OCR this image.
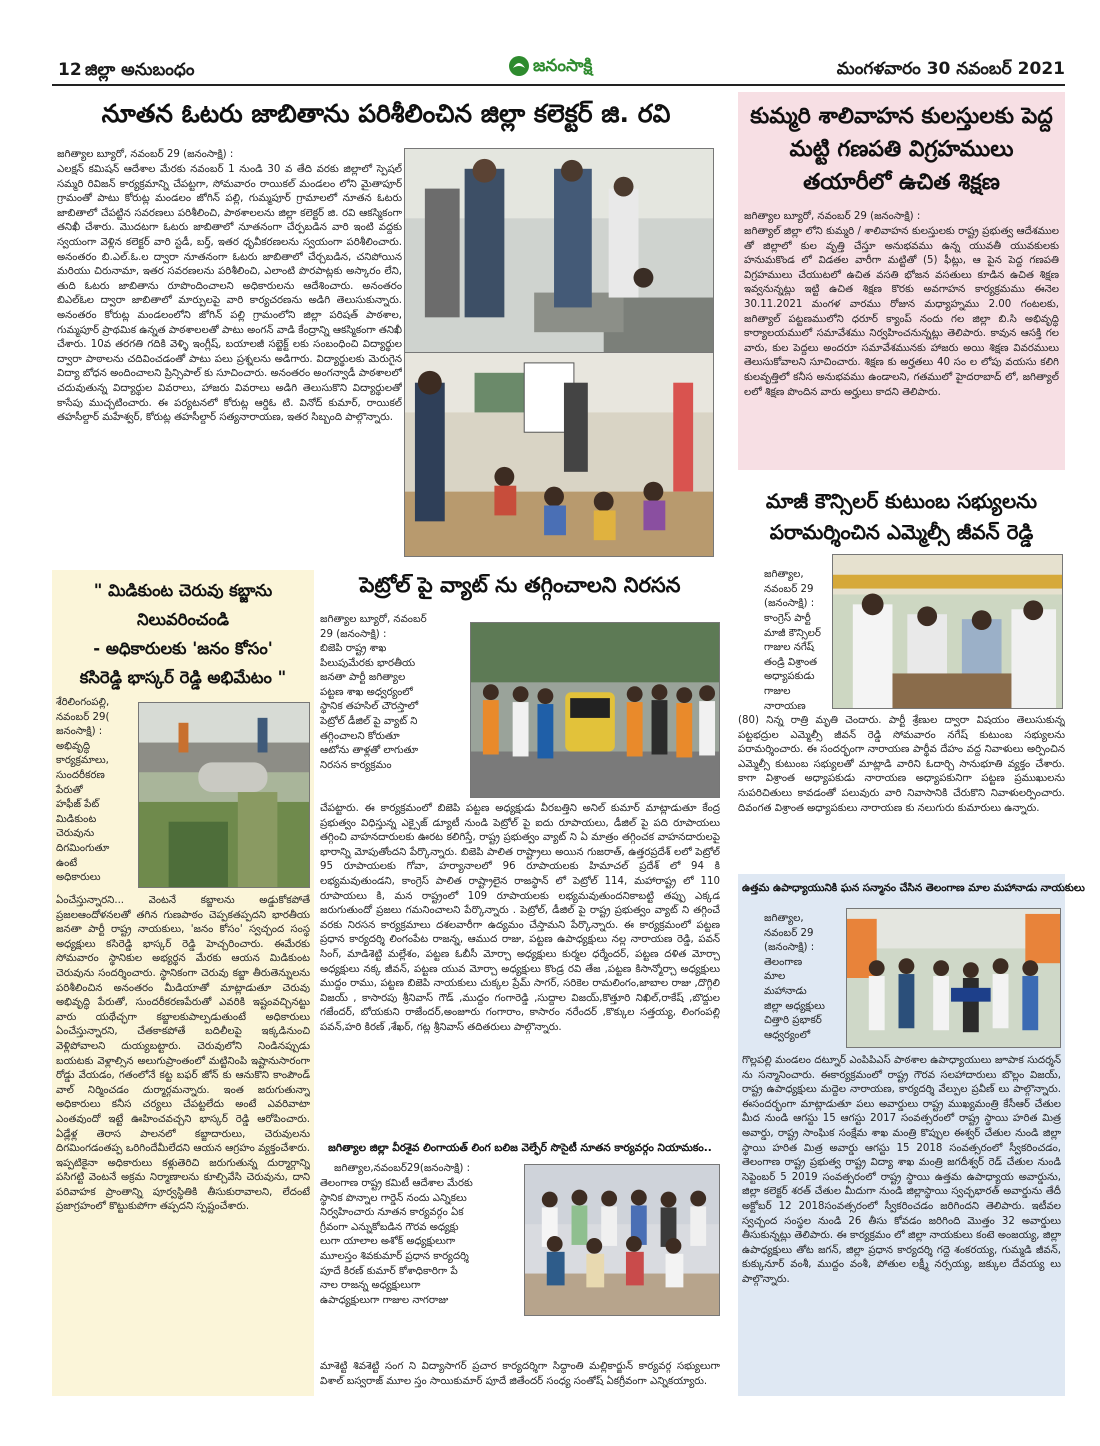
12 జిల్లా అనుబంధం	జనంసాక్షి	మంగళవారం 30 నవంబర్ 2021
నూతన ఓటరు జాబితాను పరిశీలించిన జిల్లా కలెక్టర్ జి. రవి
జగిత్యాల బ్యూరో, నవంబర్ 29 (జనంసాక్షి) :
ఎలక్షన్ కమిషన్ ఆదేశాల మేరకు నవంబర్ 1 నుండి 30 వ తేది వరకు జిల్లాలో స్పెషల్ సమ్మరి రివిజన్ కార్యక్రమాన్ని చేపట్టగా, సోమవారం రాయికల్ మండలం లోని మైతాపూర్ గ్రామంతో పాటు కోరుట్ల మండలం జోగిన్ పల్లి, గుమ్మపూర్ గ్రామాలలో నూతన ఓటరు జాబితాలో చేపట్టిన సవరణలు పరిశీలించి, పాఠశాలలను జిల్లా కలెక్టర్ జి. రవి ఆకస్మికంగా తనిఖీ చేశారు. మొదటగా ఓటరు జాబితాలో నూతనంగా చేర్పబడిన వారి ఇంటి వద్దకు స్వయంగా వెళ్లిన కలెక్టర్ వారి స్టడీ, బర్త్, ఇతర ధృవీకరణలను స్వయంగా పరిశీలించారు. అనంతరం బి.ఎల్.ఓ.ల ద్వారా నూతనంగా ఓటరు జాబితాలో చేర్చబడిన, చనిపోయిన మరియు చిరునామా, ఇతర సవరణలను పరిశీలించి, ఎలాంటి పొరపాట్లకు అస్కారం లేని, తుది ఓటరు జాబితాను రూపొందించాలని అధికారులను ఆదేశించారు. అనంతరం బిఎల్ఓల ద్వారా జాబితాలో మార్పులపై వారి కార్యచరణను అడిగి తెలుసుకున్నారు. అనంతరం కోరుట్ల మండలంలోని జోగిన్ పల్లి గ్రామంలోని జిల్లా పరిషత్ పాఠశాల, గుమ్మపూర్ ప్రాథమిక ఉన్నత పాఠశాలలతో పాటు అంగన్ వాడి కేంద్రాన్ని ఆకస్మికంగా తనిఖీ చేశారు. 10వ తరగతి గదికి వెళ్ళి ఇంగ్లీష్, బయాలజీ సబ్జెక్ట్ లకు సంబంధించి విద్యార్థుల ద్వారా పాఠాలను చదివించడంతో పాటు పలు ప్రశ్నలను అడిగారు. విద్యార్థులకు మెరుగైన విద్యా బోధన అందించాలని ప్రిన్సిపాల్ కు సూచించారు. అనంతరం అంగన్వాడీ పాఠశాలలో చదువుతున్న విద్యార్థుల వివరాలు, హాజరు వివరాలు అడిగి తెలుసుకొని విద్యార్థులతో కాసేపు ముచ్చటించారు. ఈ పర్యటనలో కోరుట్ల ఆర్డిఓ టి. వినోద్ కుమార్, రాయికల్ తహసీల్దార్ మహేశ్వర్, కోరుట్ల తహసీల్దార్ సత్యనారాయణ, ఇతర సిబ్బంది పాల్గొన్నారు.
కుమ్మరి శాలివాహన కులస్తులకు పెద్ద మట్టి గణపతి విగ్రహములు తయారీలో ఉచిత శిక్షణ
జగిత్యాల బ్యూరో, నవంబర్ 29 (జనంసాక్షి) :
జగిత్యాల్ జిల్లా లోని కుమ్మరి / శాలివాహన కులస్తులకు రాష్ట్ర ప్రభుత్వ ఆదేశముల తో జిల్లాలో కుల వృత్తి చేస్తూ అనుభవము ఉన్న యువతీ యువకులకు హనుమకొండ లో విడతల వారీగా మట్టితో (5) ఫీట్లు, ఆ పైన పెద్ద గణపతి విగ్రహములు చేయుటలో ఉచిత వసతి భోజన వసతులు కూడిన ఉచిత శిక్షణ ఇవ్వనున్నట్లు ఇట్టి ఉచిత శిక్షణ కొరకు అవగాహన కార్యక్రమము ఈనెల 30.11.2021 మంగళ వారము రోజున మధ్యాహ్నము 2.00 గంటలకు, జగిత్యాల్ పట్టణములోని ధరూర్ క్యాంప్ నందు గల జిల్లా బి.సి అభివృద్ధి కార్యాలయములో సమావేశము నిర్వహించనున్నట్లు తెలిపారు. కావున ఆసక్తి గల వారు, కుల పెద్దలు అందరూ సమావేశమునకు హాజరు అయి శిక్షణ వివరములు తెలుసుకోవాలని సూచించారు. శిక్షణ కు అర్హతలు 40 సం ల లోపు వయసు కలిగి కులవృత్తిలో కనీస అనుభవము ఉండాలని, గతములో హైదరాబాద్ లో, జగిత్యాల్ లలో శిక్షణ పొందిన వారు అర్హులు కాదని తెలిపారు.
మాజీ కౌన్సిలర్ కుటుంబ సభ్యులను పరామర్శించిన ఎమ్మెల్సీ జీవన్ రెడ్డి
జగిత్యాల,
నవంబర్ 29
(జనంసాక్షి) :
కాంగ్రెస్ పార్టీ
మాజీ కౌన్సిలర్
గాజుల నగేష్
తండ్రి విశ్రాంత
అధ్యాపకుడు
గాజుల
నారాయణ
(80) నిన్న రాత్రి మృతి చెందారు. పార్టీ శ్రేణుల ద్వారా విషయం తెలుసుకున్న పట్టభద్రుల ఎమ్మెల్సీ జీవన్ రెడ్డి సోమవారం నగేష్ కుటుంబ సభ్యులను పరామర్శించారు. ఈ సందర్భంగా నారాయణ పార్థీవ దేహం వద్ద నివాళులు అర్పించిన ఎమ్మెల్సీ కుటుంబ సభ్యులతో మాట్లాడి వారిని ఓదార్చి సానుభూతి వ్యక్తం చేశారు. కాగా విశ్రాంత అధ్యాపకుడు నారాయణ అధ్యాపకునిగా పట్టణ ప్రముఖులను సుపరిచితులు కావడంతో పలువురు వారి నివాసానికి చేరుకొని నివాళులర్పించారు. దివంగత విశ్రాంత అధ్యాపకులు నారాయణ కు నలుగురు కుమారులు ఉన్నారు.
" మిడికుంట చెరువు కబ్జాను
నిలువరించండి
- అధికారులకు 'జనం కోసం'
కసిరెడ్డి భాస్కర్ రెడ్డి అభిమేటం "
శేరిలింగంపల్లి,
నవంబర్ 29(
జనంసాక్షి) :
అభివృద్ధి
కార్యక్రమాలు,
సుందరీకరణ
పేరుతో
హఫీజ్ పేట్
మిడికుంట
చెరువును
దిగమింగుతూ
ఉంటే
అధికారులు
ఏంచేస్తున్నారని... వెంటనే కబ్జాలను అడ్డుకోకపోతే ప్రజలఆందోళనలతో తగిన గుణపాఠం చెప్పకతప్పదని భారతీయ జనతా పార్టీ రాష్ట్ర నాయకులు, 'జనం కోసం' స్వచ్ఛంద సంస్థ అధ్యక్షులు కసిరెడ్డి భాస్కర్ రెడ్డి హెచ్చరించారు. ఈమేరకు సోమవారం స్థానికుల అభ్యర్థన మేరకు ఆయన మిడికుంట చెరువును సందర్శించారు. స్థానికంగా చెరువు కబ్జా తీరుతెన్నులను పరిశీలించిన అనంతరం మీడియాతో మాట్లాడుతూ చెరువు అభివృద్ధి పేరుతో, సుందరీకరణపేరుతో ఎవరికి ఇష్టంవచ్చినట్టు వారు యథేచ్ఛగా కబ్జాలకుపాల్పడుతుంటే అధికారులు ఏంచేస్తున్నారని, చేతకాకపోతే బదిలీలపై ఇక్కడినుంచి వెళ్లిపోవాలని దుయ్యబట్టారు. చెరువులోని నిండినప్పుడు బయటకు వెళ్లాల్సిన అలుగుప్రాంతంలో మట్టినింపి ఇష్టానుసారంగా రోడ్డు వేయడం, గతంలోనే కట్ట బఫర్ జోన్ కు ఆనుకొని కాంపౌండ్ వాల్ నిర్మించడం దుర్మార్గమన్నారు. ఇంత జరుగుతున్నా అధికారులు కనీస చర్యలు చేపట్టలేదు అంటే ఎవరివాటా ఎంతవుందో ఇట్టే ఊహించవచ్చని భాస్కర్ రెడ్డి ఆరోపించారు. ఏడ్లేళ్ల తెరాస పాలనలో కబ్జాదారులు, చెరువులను దిగమింగడంతప్ప ఒరిగిందేమీలేదని ఆయన ఆగ్రహం వ్యక్తంచేశారు. ఇప్పటికైనా అధికారులు కళ్లుతెరిచి జరుగుతున్న దుర్మార్గాన్ని పసిగట్టి వెంటనే అక్రమ నిర్మాణాలను కూల్చివేసి చెరువును, దాని పరివాహక ప్రాంతాన్ని పూర్వస్థితికి తీసుకురావాలని, లేదంటే ప్రజాగ్రహంలో కొట్టుకుపోగా తప్పదని స్పష్టంచేశారు.
పెట్రోల్ పై వ్యాట్ ను తగ్గించాలని నిరసన
జగిత్యాల బ్యూరో, నవంబర్
29 (జనంసాక్షి) :
బిజెపి రాష్ట్ర శాఖ
పిలుపుమేరకు భారతీయ
జనతా పార్టీ జగిత్యాల
పట్టణ శాఖ అధ్వర్యంలో
స్థానిక తహసిల్ చౌరస్తాలో
పెట్రోల్ డీజిల్ పై వ్యాట్ ని
తగ్గించాలని కోరుతూ
ఆటోను తాళ్లతో లాగుతూ
నిరసన కార్యక్రమం
చేపట్టారు. ఈ కార్యక్రమంలో బిజెపి పట్టణ అధ్యక్షుడు వీరబత్తిని అనిల్ కుమార్ మాట్లాడుతూ కేంద్ర ప్రభుత్వం విధిస్తున్న ఎక్సైజ్ డ్యూటీ నుండి పెట్రోల్ పై ఐదు రూపాయలు, డీజిల్ పై పది రూపాయలు తగ్గించి వాహనదారులకు ఊరట కలిగిస్తే, రాష్ట్ర ప్రభుత్వం వ్యాట్ ని ఏ మాత్రం తగ్గించక వాహనదారులపై భారాన్ని మోపుతోందని పేర్కొన్నారు. బిజెపి పాలిత రాష్ట్రాలు అయిన గుజరాత్, ఉత్తరప్రదేశ్ లలో పెట్రోల్ 95 రూపాయలకు గోవా, హర్యానాలలో 96 రూపాయలకు హిమాచల్ ప్రదేశ్ లో 94 కి లభ్యమవుతుండని, కాంగ్రెస్ పాలిత రాష్ట్రాలైన రాజస్థాన్ లో పెట్రోల్ 114, మహారాష్ట్ర లో 110 రూపాయలు కి, మన రాష్ట్రంలో 109 రూపాయలకు లభ్యమవుతుందనికాబట్టి తప్పు ఎక్కడ జరుగుతుందో ప్రజలు గమనించాలని పేర్కొన్నారు . పెట్రోల్, డీజిల్ పై రాష్ట్ర ప్రభుత్వం వ్యాట్ ని తగ్గించే వరకు నిరసన కార్యక్రమాలు దశలవారీగా ఉద్యమం చేస్తామని పేర్కొన్నారు. ఈ కార్యక్రమంలో పట్టణ ప్రధాన కార్యదర్శి లింగంపేట రాజన్న, ఆముద రాజు, పట్టణ ఉపాధ్యక్షులు నల్ల నారాయణ రెడ్డి, పవన్ సింగ్, మాడిశెట్టి మల్లేశం, పట్టణ ఓబీసీ మోర్చా అధ్యక్షులు కుర్మల ధర్మేందర్, పట్టణ దళిత మోర్చా అధ్యక్షులు నక్క జీవన్, పట్టణ యువ మోర్చా అధ్యక్షులు కొండ్ర రవి తేజ ,పట్టణ కిసాన్మోర్చా అధ్యక్షులు ముద్దం రాము, పట్టణ బిజెపి నాయకులు చుక్కల ప్రేమ్ సాగర్, సరికెల రామలింగం,జాబాల రాజు ,దొగ్గిలి విజయ్ , కాసారపు శ్రీనివాస్ గౌడ్ ,ముద్దం గంగారెడ్డి ,సుద్దాల విజయ్,కొత్తూరి నిఖిల్,రాకేష్ ,బొద్దుల గజేందర్, బోయకుని రాజేందర్,అంజూరు గంగారాం, కాసారం నరేందర్ ,కొక్కుల సత్తయ్య, లింగంపల్లి పవన్,హరి కిరణ్ ,శేఖర్, గట్ల శ్రీనివాస్ తదితరులు పాల్గొన్నారు.
జగిత్యాల జిల్లా వీరశైవ లింగాయత్ లింగ బలిజ వెల్ఫేర్ సొసైటీ నూతన కార్యవర్గం నియామకం..
జగిత్యాల,నవంబర్29(జనంసాక్షి) :
తెలంగాణ రాష్ట్ర కమిటీ ఆదేశాల మేరకు
స్థానిక పొన్నాల గార్డెన్ నందు ఎన్నికలు
నిర్వహించారు నూతన కార్యవర్గం ఏక
గ్రీవంగా ఎన్నుకోబడిన గౌరవ అధ్యక్షు
లుగా యాలాల అశోక్ అధ్యక్షులుగా
మూలస్తం శివకుమార్ ప్రధాన కార్యదర్శి
పూదే కిరణ్ కుమార్ కోశాధికారిగా పే
నాల రాజన్న అధ్యక్షులుగా
ఉపాధ్యక్షులుగా గాజుల నాగరాజు
మాశెట్టి శివశెట్టి సంగ ని విద్యాసాగర్ ప్రచార కార్యదర్శిగా సిద్ధాంతి మల్లికార్జున్ కార్యవర్గ సభ్యులుగా విశాల్ బస్వరాజ్ మూల స్తం సాయికుమార్ పూదే జితేందర్ సంధ్య సంతోష్ ఏకగ్రీవంగా ఎన్నికయ్యారు.
ఉత్తమ ఉపాధ్యాయునికి ఘన సన్మానం చేసిన తెలంగాణ మాల మహానాడు నాయకులు
జగిత్యాల,
నవంబర్ 29
(జనంసాక్షి) :
తెలంగాణ
మాల
మహానాడు
జిల్లా అధ్యక్షులు
చిత్తారి ప్రభాకర్
ఆధ్వర్యంలో
గొల్లపల్లి మండలం దట్నూర్ ఎంపిపిఎస్ పాఠశాల ఉపాధ్యాయులు జూపాక సుదర్శన్ ను సన్మానించారు. ఈకార్యక్రమంలో రాష్ట్ర గౌరవ సలహాదారులు బొల్లం విజయ్, రాష్ట్ర ఉపాధ్యక్షులు మద్దెల నారాయణ, కార్యదర్శి వేల్పుల ప్రవీణ్ లు పాల్గొన్నారు. ఈసందర్భంగా మాట్లాడుతూ పలు అవార్డులు రాష్ట్ర ముఖ్యమంత్రి కేసీఆర్ చేతుల మీద నుండి ఆగస్టు 15 ఆగస్టు 2017 సంవత్సరంలో రాష్ట్ర స్థాయి హరిత మిత్ర అవార్డు, రాష్ట్ర సాంఘిక సంక్షేమ శాఖ మంత్రి కొప్పుల ఈశ్వర్ చేతుల నుండి జిల్లా స్థాయి హరిత మిత్ర అవార్డు ఆగస్టు 15 2018 సంవత్సరంలో స్వీకరించడం, తెలంగాణ రాష్ట్ర ప్రభుత్వ రాష్ట్ర విద్యా శాఖ మంత్రి జగదీశ్వర్ రెడ్ చేతుల నుండి సెప్టెంబర్ 5 2019 సంవత్సరంలో రాష్ట్ర స్థాయి ఉత్తమ ఉపాధ్యాయ అవార్డును, జిల్లా కలెక్టర్ శరత్ చేతుల మీదుగా నుండి జిల్లాస్థాయి స్వచ్ఛభారత్ అవార్డును తేదీ అక్టోబర్ 12 2018సంవత్సరంలో స్వీకరించడం జరిగిందని తెలిపారు. ఇటీవల స్వచ్ఛంద సంస్థల నుండి 26 తీసు కోవడం జరిగింది మొత్తం 32 అవార్డులు తీసుకున్నట్లు తెలిపారు. ఈ కార్యక్రమం లో జిల్లా నాయకులు కంటె అంజయ్య, జిల్లా ఉపాధ్యక్షులు తోట జగన్, జిల్లా ప్రధాన కార్యదర్శి గద్దె శంకరయ్య, గుమ్మడి జీవన్, కుక్కునూర్ వంశీ, ముద్దం వంశీ, పోతుల లక్ష్మీ నర్సయ్య, జక్కుల దేవయ్య లు పాల్గొన్నారు.
